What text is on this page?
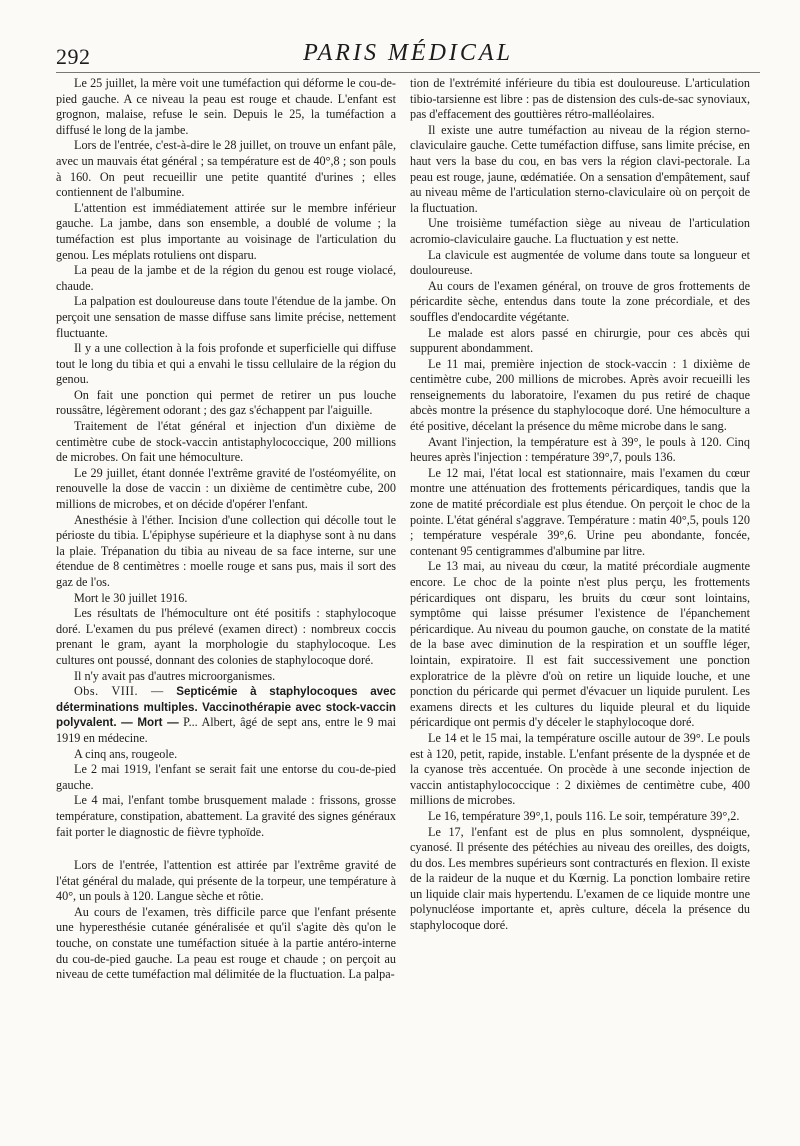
292	PARIS MÉDICAL

Le 25 juillet, la mère voit une tuméfaction qui déforme le cou-de-pied gauche. A ce niveau la peau est rouge et chaude. L'enfant est grognon, malaise, refuse le sein. Depuis le 25, la tuméfaction a diffusé le long de la jambe.

Lors de l'entrée, c'est-à-dire le 28 juillet, on trouve un enfant pâle, avec un mauvais état général ; sa température est de 40°,8 ; son pouls à 160. On peut recueillir une petite quantité d'urines ; elles contiennent de l'albumine.

L'attention est immédiatement attirée sur le membre inférieur gauche. La jambe, dans son ensemble, a doublé de volume ; la tuméfaction est plus importante au voisinage de l'articulation du genou. Les méplats rotuliens ont disparu.

La peau de la jambe et de la région du genou est rouge violacé, chaude.

La palpation est douloureuse dans toute l'étendue de la jambe. On perçoit une sensation de masse diffuse sans limite précise, nettement fluctuante.

Il y a une collection à la fois profonde et superficielle qui diffuse tout le long du tibia et qui a envahi le tissu cellulaire de la région du genou.

On fait une ponction qui permet de retirer un pus louche roussâtre, légèrement odorant ; des gaz s'échappent par l'aiguille.

Traitement de l'état général et injection d'un dixième de centimètre cube de stock-vaccin antistaphylococcique, 200 millions de microbes. On fait une hémoculture.

Le 29 juillet, étant donnée l'extrême gravité de l'ostéomyélite, on renouvelle la dose de vaccin : un dixième de centimètre cube, 200 millions de microbes, et on décide d'opérer l'enfant.

Anesthésie à l'éther. Incision d'une collection qui décolle tout le périoste du tibia. L'épiphyse supérieure et la diaphyse sont à nu dans la plaie. Trépanation du tibia au niveau de sa face interne, sur une étendue de 8 centimètres : moelle rouge et sans pus, mais il sort des gaz de l'os.

Mort le 30 juillet 1916.

Les résultats de l'hémoculture ont été positifs : staphylocoque doré. L'examen du pus prélevé (examen direct) : nombreux coccis prenant le gram, ayant la morphologie du staphylocoque. Les cultures ont poussé, donnant des colonies de staphylocoque doré.

Il n'y avait pas d'autres microorganismes.

Obs. VIII. — Septicémie à staphylocoques avec déterminations multiples. Vaccinothérapie avec stock-vaccin polyvalent. — Mort — P... Albert, âgé de sept ans, entre le 9 mai 1919 en médecine.

A cinq ans, rougeole.

Le 2 mai 1919, l'enfant se serait fait une entorse du cou-de-pied gauche.

Le 4 mai, l'enfant tombe brusquement malade : frissons, grosse température, constipation, abattement. La gravité des signes généraux fait porter le diagnostic de fièvre typhoïde.

Lors de l'entrée, l'attention est attirée par l'extrême gravité de l'état général du malade, qui présente de la torpeur, une température à 40°, un pouls à 120. Langue sèche et rôtie.

Au cours de l'examen, très difficile parce que l'enfant présente une hyperesthésie cutanée généralisée et qu'il s'agite dès qu'on le touche, on constate une tuméfaction située à la partie antéro-interne du cou-de-pied gauche. La peau est rouge et chaude ; on perçoit au niveau de cette tuméfaction mal délimitée de la fluctuation. La palpa-

tion de l'extrémité inférieure du tibia est douloureuse. L'articulation tibio-tarsienne est libre : pas de distension des culs-de-sac synoviaux, pas d'effacement des gouttières rétro-malléolaires.

Il existe une autre tuméfaction au niveau de la région sterno-claviculaire gauche. Cette tuméfaction diffuse, sans limite précise, en haut vers la base du cou, en bas vers la région clavi-pectorale. La peau est rouge, jaune, œdématiée. On a sensation d'empâtement, sauf au niveau même de l'articulation sterno-claviculaire où on perçoit de la fluctuation.

Une troisième tuméfaction siège au niveau de l'articulation acromio-claviculaire gauche. La fluctuation y est nette.

La clavicule est augmentée de volume dans toute sa longueur et douloureuse.

Au cours de l'examen général, on trouve de gros frottements de péricardite sèche, entendus dans toute la zone précordiale, et des souffles d'endocardite végétante.

Le malade est alors passé en chirurgie, pour ces abcès qui suppurent abondamment.

Le 11 mai, première injection de stock-vaccin : 1 dixième de centimètre cube, 200 millions de microbes. Après avoir recueilli les renseignements du laboratoire, l'examen du pus retiré de chaque abcès montre la présence du staphylocoque doré. Une hémoculture a été positive, décelant la présence du même microbe dans le sang.

Avant l'injection, la température est à 39°, le pouls à 120. Cinq heures après l'injection : température 39°,7, pouls 136.

Le 12 mai, l'état local est stationnaire, mais l'examen du cœur montre une atténuation des frottements péricardiques, tandis que la zone de matité précordiale est plus étendue. On perçoit le choc de la pointe. L'état général s'aggrave. Température : matin 40°,5, pouls 120 ; température vespérale 39°,6. Urine peu abondante, foncée, contenant 95 centigrammes d'albumine par litre.

Le 13 mai, au niveau du cœur, la matité précordiale augmente encore. Le choc de la pointe n'est plus perçu, les frottements péricardiques ont disparu, les bruits du cœur sont lointains, symptôme qui laisse présumer l'existence de l'épanchement péricardique. Au niveau du poumon gauche, on constate de la matité de la base avec diminution de la respiration et un souffle léger, lointain, expiratoire. Il est fait successivement une ponction exploratrice de la plèvre d'où on retire un liquide louche, et une ponction du péricarde qui permet d'évacuer un liquide purulent. Les examens directs et les cultures du liquide pleural et du liquide péricardique ont permis d'y déceler le staphylocoque doré.

Le 14 et le 15 mai, la température oscille autour de 39°. Le pouls est à 120, petit, rapide, instable. L'enfant présente de la dyspnée et de la cyanose très accentuée. On procède à une seconde injection de vaccin antistaphylococcique : 2 dixièmes de centimètre cube, 400 millions de microbes.

Le 16, température 39°,1, pouls 116. Le soir, température 39°,2.

Le 17, l'enfant est de plus en plus somnolent, dyspnéique, cyanosé. Il présente des pétéchies au niveau des oreilles, des doigts, du dos. Les membres supérieurs sont contracturés en flexion. Il existe de la raideur de la nuque et du Kœrnig. La ponction lombaire retire un liquide clair mais hypertendu. L'examen de ce liquide montre une polynucléose importante et, après culture, décela la présence du staphylocoque doré.
